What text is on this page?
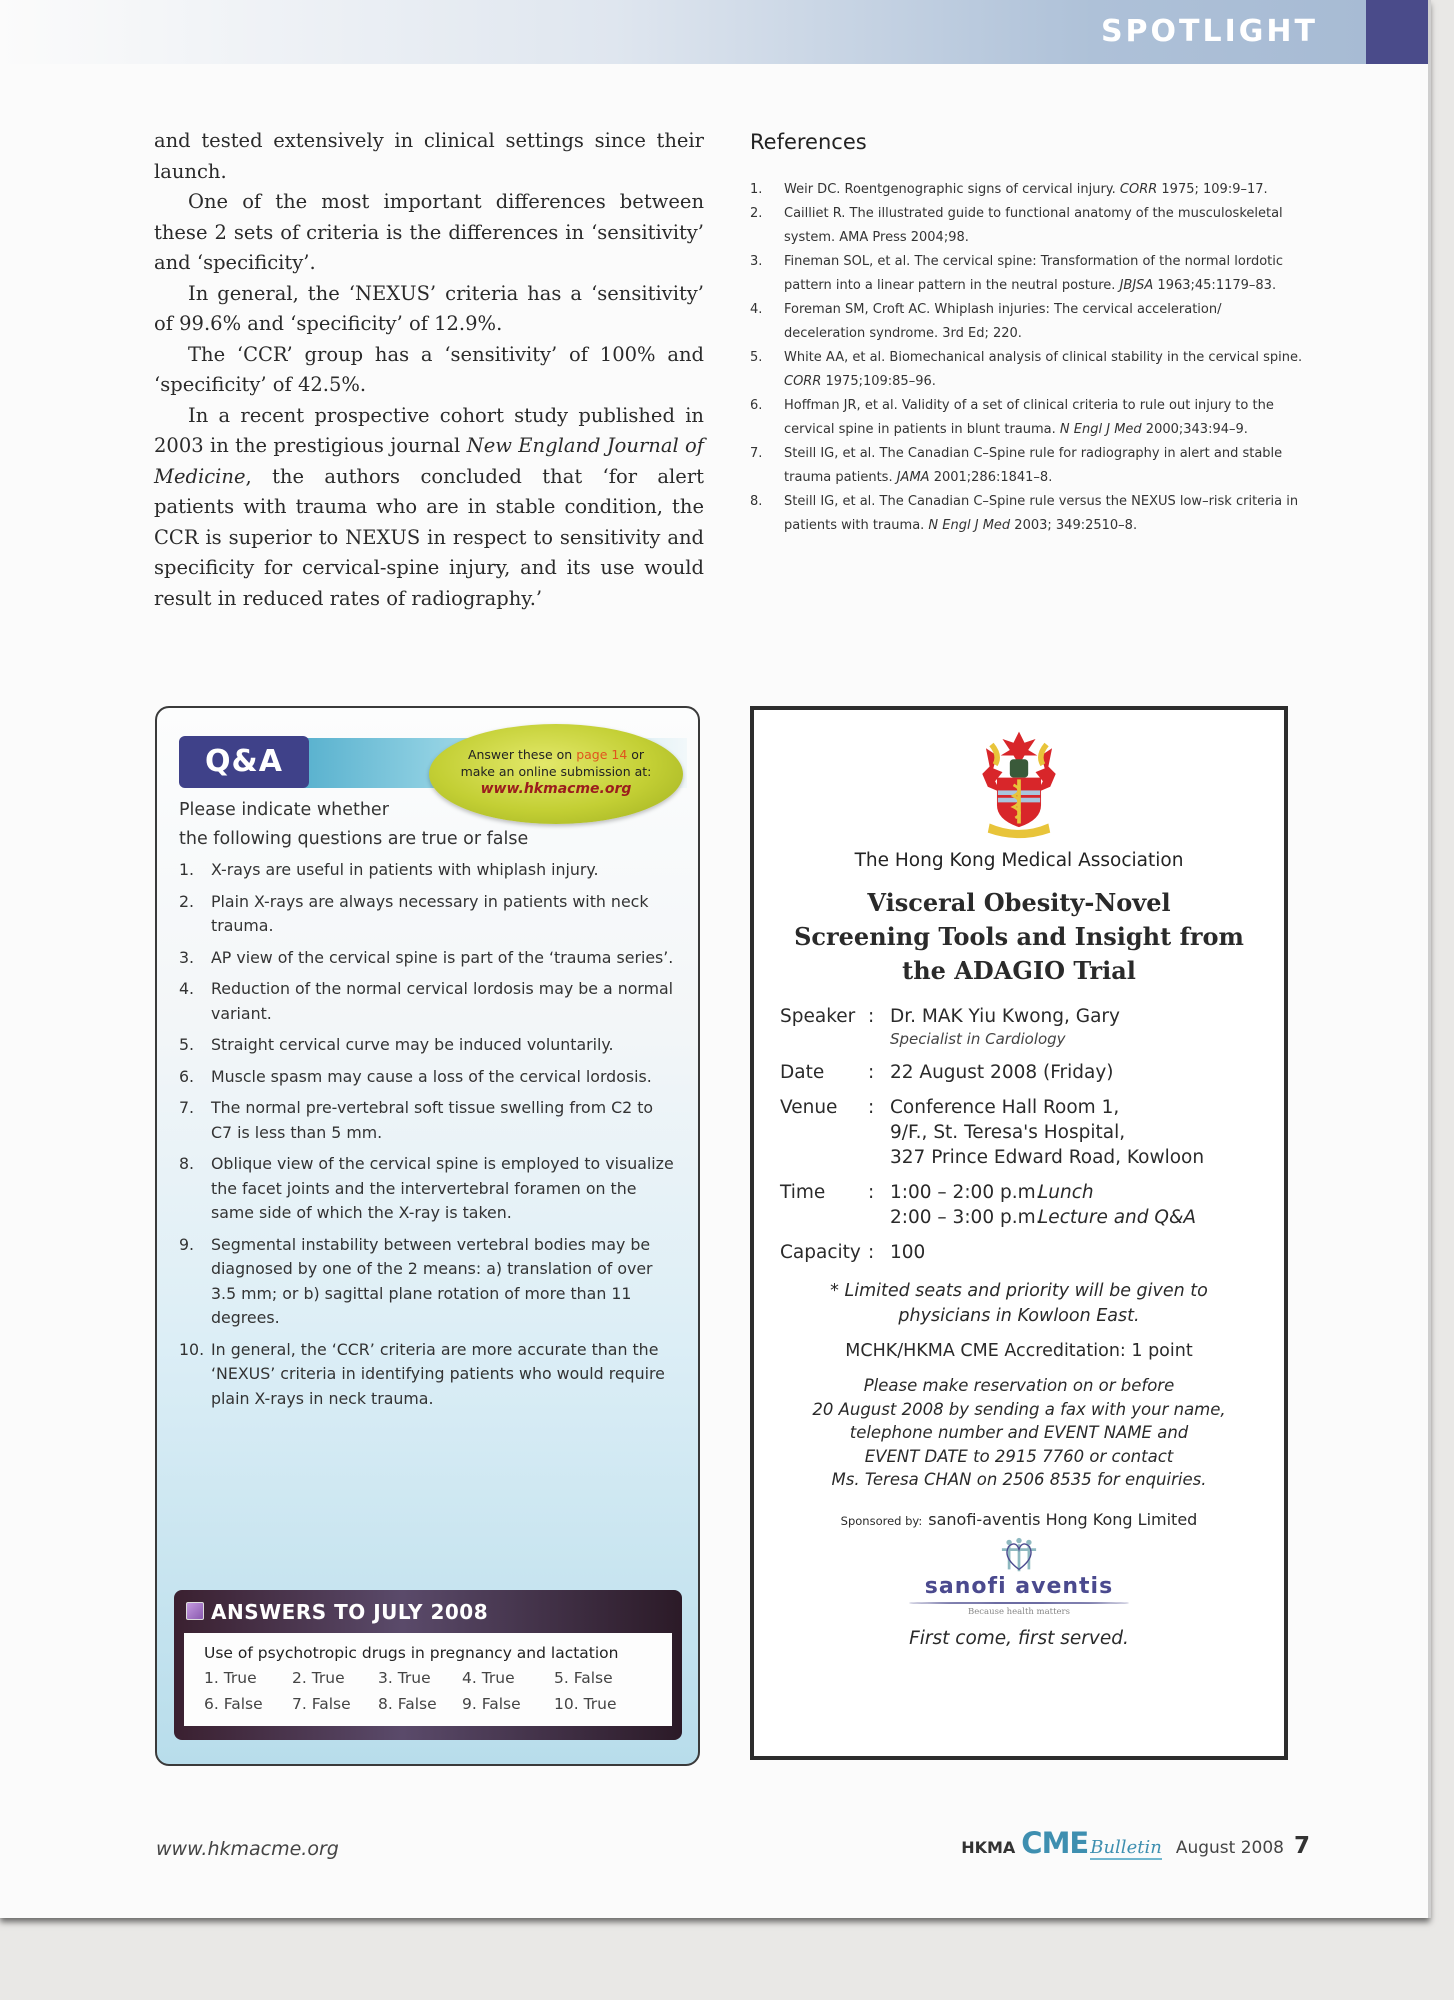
SPOTLIGHT

and tested extensively in clinical settings since their launch.

One of the most important differences between these 2 sets of criteria is the differences in ‘sensitivity’ and ‘specificity’.

In general, the ‘NEXUS’ criteria has a ‘sensitivity’ of 99.6% and ‘specificity’ of 12.9%.

The ‘CCR’ group has a ‘sensitivity’ of 100% and ‘specificity’ of 42.5%.

In a recent prospective cohort study published in 2003 in the prestigious journal New England Journal of Medicine, the authors concluded that ‘for alert patients with trauma who are in stable condition, the CCR is superior to NEXUS in respect to sensitivity and specificity for cervical-spine injury, and its use would result in reduced rates of radiography.’

References
1. Weir DC. Roentgenographic signs of cervical injury. CORR 1975; 109:9–17.
2. Cailliet R. The illustrated guide to functional anatomy of the musculoskeletal system. AMA Press 2004;98.
3. Fineman SOL, et al. The cervical spine: Transformation of the normal lordotic pattern into a linear pattern in the neutral posture. JBJSA 1963;45:1179–83.
4. Foreman SM, Croft AC. Whiplash injuries: The cervical acceleration/ deceleration syndrome. 3rd Ed; 220.
5. White AA, et al. Biomechanical analysis of clinical stability in the cervical spine. CORR 1975;109:85–96.
6. Hoffman JR, et al. Validity of a set of clinical criteria to rule out injury to the cervical spine in patients in blunt trauma. N Engl J Med 2000;343:94–9.
7. Steill IG, et al. The Canadian C–Spine rule for radiography in alert and stable trauma patients. JAMA 2001;286:1841–8.
8. Steill IG, et al. The Canadian C–Spine rule versus the NEXUS low–risk criteria in patients with trauma. N Engl J Med 2003; 349:2510–8.
Q&A	Answer these on page 14 or
make an online submission at:
www.hkmacme.org
Please indicate whether
the following questions are true or false
1. X-rays are useful in patients with whiplash injury.
2. Plain X-rays are always necessary in patients with neck trauma.
3. AP view of the cervical spine is part of the ‘trauma series’.
4. Reduction of the normal cervical lordosis may be a normal variant.
5. Straight cervical curve may be induced voluntarily.
6. Muscle spasm may cause a loss of the cervical lordosis.
7. The normal pre-vertebral soft tissue swelling from C2 to C7 is less than 5 mm.
8. Oblique view of the cervical spine is employed to visualize the facet joints and the intervertebral foramen on the same side of which the X-ray is taken.
9. Segmental instability between vertebral bodies may be diagnosed by one of the 2 means: a) translation of over 3.5 mm; or b) sagittal plane rotation of more than 11 degrees.
10. In general, the ‘CCR’ criteria are more accurate than the ‘NEXUS’ criteria in identifying patients who would require plain X-rays in neck trauma.
ANSWERS TO JULY 2008
Use of psychotropic drugs in pregnancy and lactation
1. True	2. True	3. True	4. True	5. False
6. False	7. False	8. False	9. False	10. True
The Hong Kong Medical Association
Visceral Obesity-Novel
Screening Tools and Insight from
the ADAGIO Trial
Speaker : Dr. MAK Yiu Kwong, Gary
Specialist in Cardiology
Date	: 22 August 2008 (Friday)
Venue	: Conference Hall Room 1,
9/F., St. Teresa's Hospital,
327 Prince Edward Road, Kowloon
Time	: 1:00 – 2:00 p.m.Lunch
2:00 – 3:00 p.m.Lecture and Q&A
Capacity : 100
* Limited seats and priority will be given to
physicians in Kowloon East.
MCHK/HKMA CME Accreditation: 1 point
Please make reservation on or before
20 August 2008 by sending a fax with your name,
telephone number and EVENT NAME and
EVENT DATE to 2915 7760 or contact
Ms. Teresa CHAN on 2506 8535 for enquiries.
Sponsored by: sanofi-aventis Hong Kong Limited
sanofi aventis
Because health matters
First come, first served.
www.hkmacme.org	HKMA CME Bulletin August 2008 7
